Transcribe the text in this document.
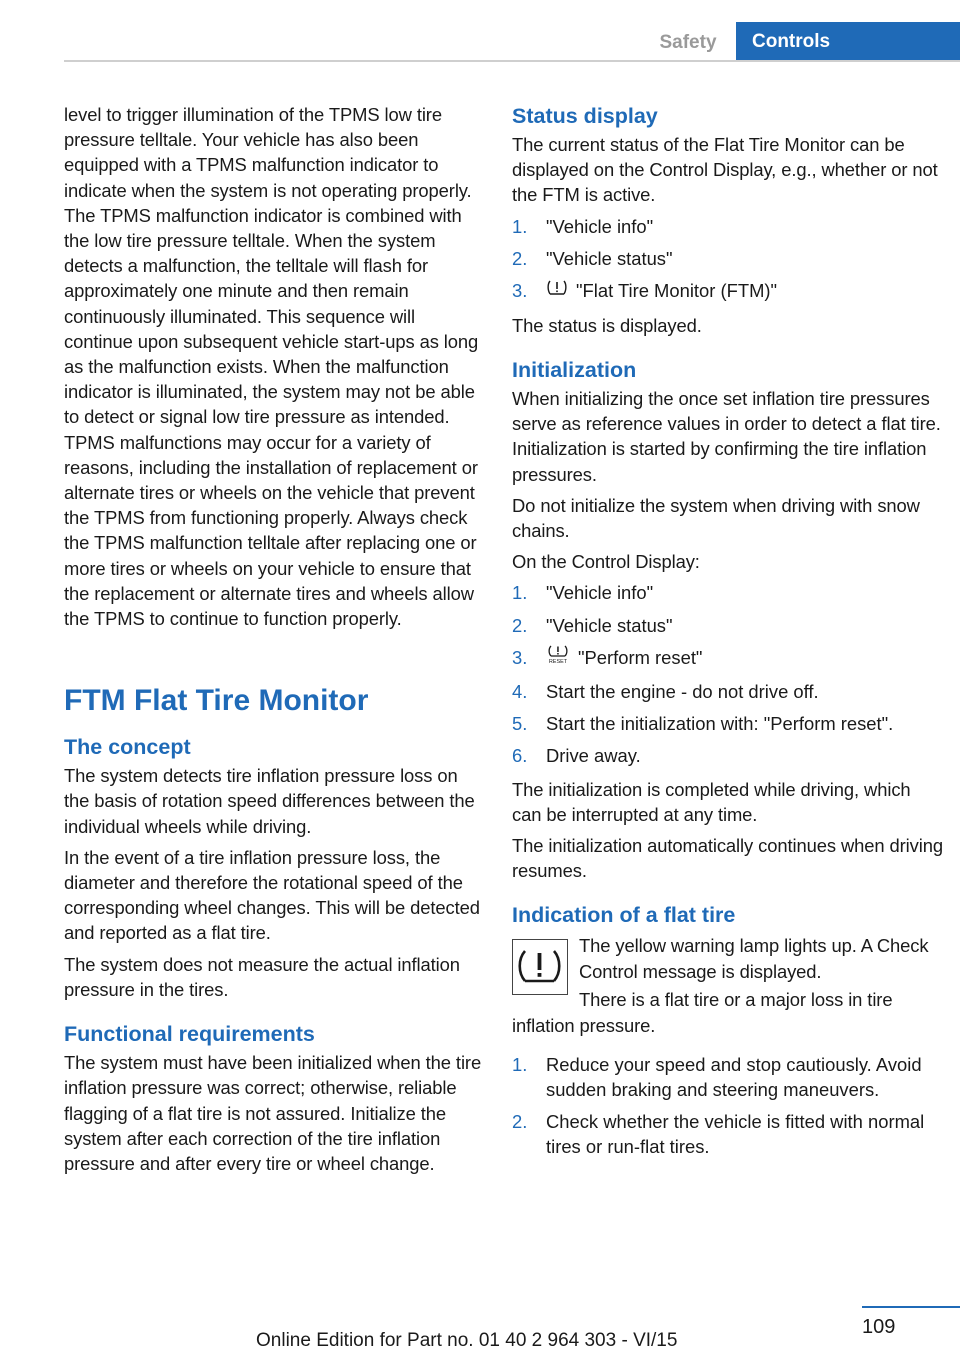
Safety	Controls

level to trigger illumination of the TPMS low tire pressure telltale. Your vehicle has also been equipped with a TPMS malfunction indicator to indicate when the system is not operating properly. The TPMS malfunction indicator is combined with the low tire pressure telltale. When the system detects a malfunction, the telltale will flash for approximately one minute and then remain continuously illuminated. This sequence will continue upon subsequent vehicle start-ups as long as the malfunction exists. When the malfunction indicator is illuminated, the system may not be able to detect or signal low tire pressure as intended. TPMS malfunctions may occur for a variety of reasons, including the installation of replacement or alternate tires or wheels on the vehicle that prevent the TPMS from functioning properly. Always check the TPMS malfunction telltale after replacing one or more tires or wheels on your vehicle to ensure that the replacement or alternate tires and wheels allow the TPMS to continue to function properly.

FTM Flat Tire Monitor
The concept

The system detects tire inflation pressure loss on the basis of rotation speed differences between the individual wheels while driving.

In the event of a tire inflation pressure loss, the diameter and therefore the rotational speed of the corresponding wheel changes. This will be detected and reported as a flat tire.

The system does not measure the actual inflation pressure in the tires.

Functional requirements

The system must have been initialized when the tire inflation pressure was correct; otherwise, reliable flagging of a flat tire is not assured. Initialize the system after each correction of the tire inflation pressure and after every tire or wheel change.

Status display

The current status of the Flat Tire Monitor can be displayed on the Control Display, e.g., whether or not the FTM is active.

1. "Vehicle info"
2. "Vehicle status"
3.	"Flat Tire Monitor (FTM)"

The status is displayed.

Initialization

When initializing the once set inflation tire pressures serve as reference values in order to detect a flat tire. Initialization is started by confirming the tire inflation pressures.

Do not initialize the system when driving with snow chains.

On the Control Display:

1. "Vehicle info"
2. "Vehicle status"
3.	RESET "Perform reset"
4. Start the engine - do not drive off.
5. Start the initialization with: "Perform reset".
6. Drive away.

The initialization is completed while driving, which can be interrupted at any time.

The initialization automatically continues when driving resumes.

Indication of a flat tire

The yellow warning lamp lights up. A Check Control message is displayed.

There is a flat tire or a major loss in tire inflation pressure.

1. Reduce your speed and stop cautiously. Avoid sudden braking and steering maneuvers.
2. Check whether the vehicle is fitted with normal tires or run-flat tires.
109
Online Edition for Part no. 01 40 2 964 303 - VI/15
